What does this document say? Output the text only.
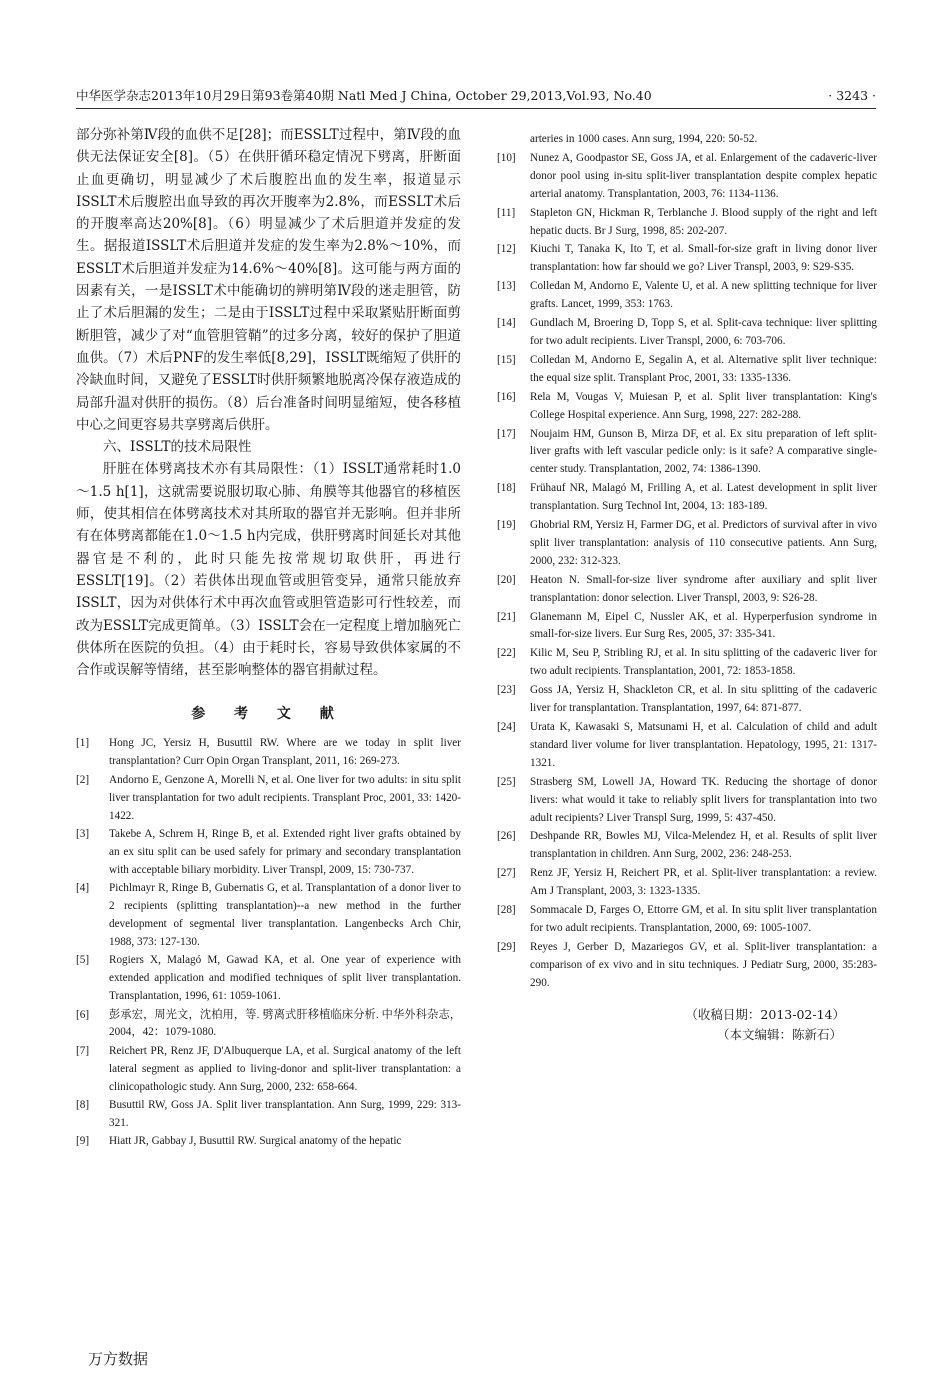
中华医学杂志2013年10月29日第93卷第40期 Natl Med J China, October 29,2013,Vol.93, No.40	· 3243 ·

部分弥补第Ⅳ段的血供不足[28]；而ESSLT过程中，第Ⅳ段的血供无法保证安全[8]。（5）在供肝循环稳定情况下劈离，肝断面止血更确切，明显减少了术后腹腔出血的发生率，报道显示ISSLT术后腹腔出血导致的再次开腹率为2.8%，而ESSLT术后的开腹率高达20%[8]。（6）明显减少了术后胆道并发症的发生。据报道ISSLT术后胆道并发症的发生率为2.8%～10%，而ESSLT术后胆道并发症为14.6%～40%[8]。这可能与两方面的因素有关，一是ISSLT术中能确切的辨明第Ⅳ段的迷走胆管，防止了术后胆漏的发生；二是由于ISSLT过程中采取紧贴肝断面剪断胆管，减少了对“血管胆管鞘”的过多分离，较好的保护了胆道血供。（7）术后PNF的发生率低[8,29]，ISSLT既缩短了供肝的冷缺血时间，又避免了ESSLT时供肝频繁地脱离冷保存液造成的局部升温对供肝的损伤。（8）后台准备时间明显缩短，使各移植中心之间更容易共享劈离后供肝。

六、ISSLT的技术局限性

肝脏在体劈离技术亦有其局限性：（1）ISSLT通常耗时1.0～1.5 h[1]，这就需要说服切取心肺、角膜等其他器官的移植医师，使其相信在体劈离技术对其所取的器官并无影响。但并非所有在体劈离都能在1.0～1.5 h内完成，供肝劈离时间延长对其他器官是不利的，此时只能先按常规切取供肝，再进行ESSLT[19]。（2）若供体出现血管或胆管变异，通常只能放弃ISSLT，因为对供体行术中再次血管或胆管造影可行性较差，而改为ESSLT完成更简单。（3）ISSLT会在一定程度上增加脑死亡供体所在医院的负担。（4）由于耗时长，容易导致供体家属的不合作或误解等情绪，甚至影响整体的器官捐献过程。

参 考 文 献
[1] Hong JC, Yersiz H, Busuttil RW. Where are we today in split liver transplantation? Curr Opin Organ Transplant, 2011, 16: 269-273.
[2] Andorno E, Genzone A, Morelli N, et al. One liver for two adults: in situ split liver transplantation for two adult recipients. Transplant Proc, 2001, 33: 1420-1422.
[3] Takebe A, Schrem H, Ringe B, et al. Extended right liver grafts obtained by an ex situ split can be used safely for primary and secondary transplantation with acceptable biliary morbidity. Liver Transpl, 2009, 15: 730-737.
[4] Pichlmayr R, Ringe B, Gubernatis G, et al. Transplantation of a donor liver to 2 recipients (splitting transplantation)--a new method in the further development of segmental liver transplantation. Langenbecks Arch Chir, 1988, 373: 127-130.
[5] Rogiers X, Malagó M, Gawad KA, et al. One year of experience with extended application and modified techniques of split liver transplantation. Transplantation, 1996, 61: 1059-1061.
[6] 彭承宏，周光文，沈柏用，等. 劈离式肝移植临床分析. 中华外科杂志，2004，42：1079-1080.
[7] Reichert PR, Renz JF, D'Albuquerque LA, et al. Surgical anatomy of the left lateral segment as applied to living-donor and split-liver transplantation: a clinicopathologic study. Ann Surg, 2000, 232: 658-664.
[8] Busuttil RW, Goss JA. Split liver transplantation. Ann Surg, 1999, 229: 313-321.
[9] Hiatt JR, Gabbay J, Busuttil RW. Surgical anatomy of the hepatic
arteries in 1000 cases. Ann surg, 1994, 220: 50-52.
[10] Nunez A, Goodpastor SE, Goss JA, et al. Enlargement of the cadaveric-liver donor pool using in-situ split-liver transplantation despite complex hepatic arterial anatomy. Transplantation, 2003, 76: 1134-1136.
[11] Stapleton GN, Hickman R, Terblanche J. Blood supply of the right and left hepatic ducts. Br J Surg, 1998, 85: 202-207.
[12] Kiuchi T, Tanaka K, Ito T, et al. Small-for-size graft in living donor liver transplantation: how far should we go? Liver Transpl, 2003, 9: S29-S35.
[13] Colledan M, Andorno E, Valente U, et al. A new splitting technique for liver grafts. Lancet, 1999, 353: 1763.
[14] Gundlach M, Broering D, Topp S, et al. Split-cava technique: liver splitting for two adult recipients. Liver Transpl, 2000, 6: 703-706.
[15] Colledan M, Andorno E, Segalin A, et al. Alternative split liver technique: the equal size split. Transplant Proc, 2001, 33: 1335-1336.
[16] Rela M, Vougas V, Muiesan P, et al. Split liver transplantation: King's College Hospital experience. Ann Surg, 1998, 227: 282-288.
[17] Noujaim HM, Gunson B, Mirza DF, et al. Ex situ preparation of left split-liver grafts with left vascular pedicle only: is it safe? A comparative single-center study. Transplantation, 2002, 74: 1386-1390.
[18] Frühauf NR, Malagó M, Frilling A, et al. Latest development in split liver transplantation. Surg Technol Int, 2004, 13: 183-189.
[19] Ghobrial RM, Yersiz H, Farmer DG, et al. Predictors of survival after in vivo split liver transplantation: analysis of 110 consecutive patients. Ann Surg, 2000, 232: 312-323.
[20] Heaton N. Small-for-size liver syndrome after auxiliary and split liver transplantation: donor selection. Liver Transpl, 2003, 9: S26-28.
[21] Glanemann M, Eipel C, Nussler AK, et al. Hyperperfusion syndrome in small-for-size livers. Eur Surg Res, 2005, 37: 335-341.
[22] Kilic M, Seu P, Stribling RJ, et al. In situ splitting of the cadaveric liver for two adult recipients. Transplantation, 2001, 72: 1853-1858.
[23] Goss JA, Yersiz H, Shackleton CR, et al. In situ splitting of the cadaveric liver for transplantation. Transplantation, 1997, 64: 871-877.
[24] Urata K, Kawasaki S, Matsunami H, et al. Calculation of child and adult standard liver volume for liver transplantation. Hepatology, 1995, 21: 1317-1321.
[25] Strasberg SM, Lowell JA, Howard TK. Reducing the shortage of donor livers: what would it take to reliably split livers for transplantation into two adult recipients? Liver Transpl Surg, 1999, 5: 437-450.
[26] Deshpande RR, Bowles MJ, Vilca-Melendez H, et al. Results of split liver transplantation in children. Ann Surg, 2002, 236: 248-253.
[27] Renz JF, Yersiz H, Reichert PR, et al. Split-liver transplantation: a review. Am J Transplant, 2003, 3: 1323-1335.
[28] Sommacale D, Farges O, Ettorre GM, et al. In situ split liver transplantation for two adult recipients. Transplantation, 2000, 69: 1005-1007.
[29] Reyes J, Gerber D, Mazariegos GV, et al. Split-liver transplantation: a comparison of ex vivo and in situ techniques. J Pediatr Surg, 2000, 35:283-290.
（收稿日期：2013-02-14）
（本文编辑：陈新石）
万方数据
